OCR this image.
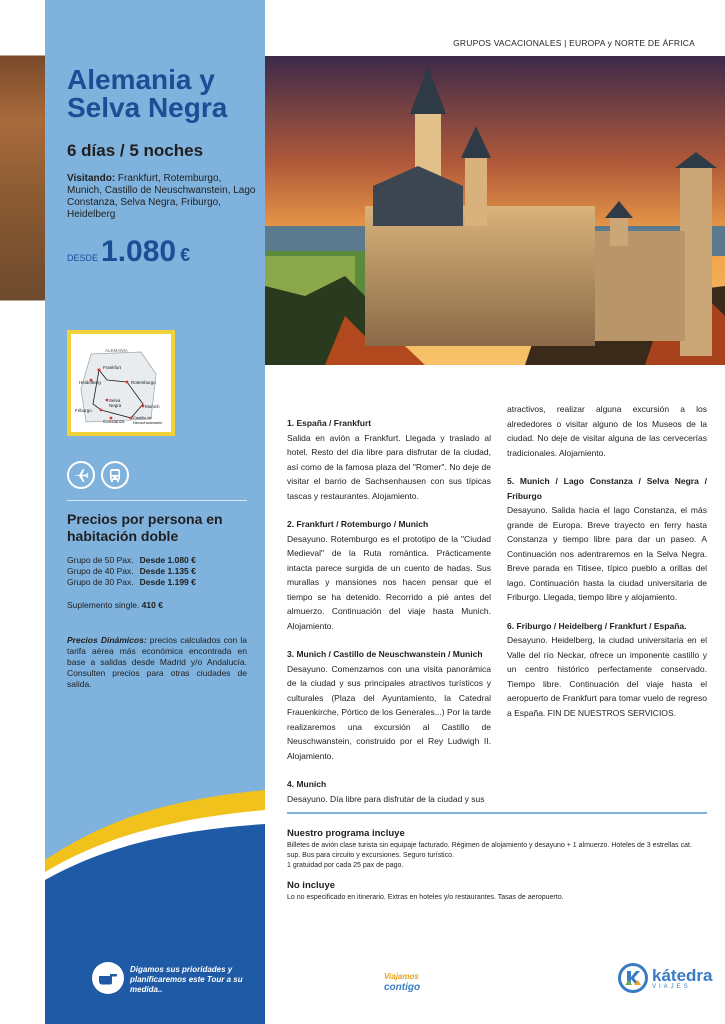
GRUPOS VACACIONALES | EUROPA y NORTE DE ÁFRICA
Alemania y Selva Negra
6 días / 5 noches
Visitando: Frankfurt, Rotemburgo, Munich, Castillo de Neuschwanstein, Lago Constanza, Selva Negra, Friburgo, Heidelberg
DESDE 1.080 €
ALEMANIA
Frankfurt
Heidelberg	Rotemburgo
Selva Negra
Friburgo
Munich
Constanza
Castillo de Neuschwanstein
Precios por persona en habitación doble
Grupo de 50 Pax. Desde 1.080 €
Grupo de 40 Pax. Desde 1.135 €
Grupo de 30 Pax. Desde 1.199 €
Suplemento single. 410 €
Precios Dinámicos: precios calculados con la tarifa aérea más económica encontrada en base a salidas desde Madrid y/o Andalucía. Consulten precios para otras ciudades de salida.
Digamos sus prioridades y planificaremos este Tour a su medida..
1. España / Frankfurt
Salida en avión a Frankfurt. Llegada y traslado al hotel. Resto del día libre para disfrutar de la ciudad, así como de la famosa plaza del "Romer". No deje de visitar el barrio de Sachsenhausen con sus típicas tascas y restaurantes. Alojamiento.
2. Frankfurt / Rotemburgo / Munich
Desayuno. Rotemburgo es el prototipo de la "Ciudad Medieval" de la Ruta romántica. Prácticamente intacta parece surgida de un cuento de hadas. Sus murallas y mansiones nos hacen pensar que el tiempo se ha detenido. Recorrido a pié antes del almuerzo. Continuación del viaje hasta Munich. Alojamiento.
3. Munich / Castillo de Neuschwanstein / Munich
Desayuno. Comenzamos con una visita panorámica de la ciudad y sus principales atractivos turísticos y culturales (Plaza del Ayuntamiento, la Catedral Frauenkirche, Pórtico de los Generales...) Por la tarde realizaremos una excursión al Castillo de Neuschwanstein, construido por el Rey Ludwigh II. Alojamiento.
4. Munich
Desayuno. Día libre para disfrutar de la ciudad y sus
atractivos, realizar alguna excursión a los alrededores o visitar alguno de los Museos de la ciudad. No deje de visitar alguna de las cervecerías tradicionales. Alojamiento.
5. Munich / Lago Constanza / Selva Negra / Friburgo
Desayuno. Salida hacia el lago Constanza, el más grande de Europa. Breve trayecto en ferry hasta Constanza y tiempo libre para dar un paseo. A Continuación nos adentraremos en la Selva Negra. Breve parada en Titisee, típico pueblo a orillas del lago. Continuación hasta la ciudad universitaria de Friburgo. Llegada, tiempo libre y alojamiento.
6. Friburgo / Heidelberg / Frankfurt / España.
Desayuno. Heidelberg, la ciudad universitaria en el Valle del río Neckar, ofrece un imponente castillo y un centro histórico perfectamente conservado. Tiempo libre. Continuación del viaje hasta el aeropuerto de Frankfurt para tomar vuelo de regreso a España. FIN DE NUESTROS SERVICIOS.
Nuestro programa incluye
Billetes de avión clase turista sin equipaje facturado. Régimen de alojamiento y desayuno + 1 almuerzo. Hoteles de 3 estrellas cat. sup. Bus para circuito y excursiones. Seguro turístico.
1 gratuidad por cada 25 pax de pago.
No incluye
Lo no especificado en itinerario. Extras en hoteles y/o restaurantes. Tasas de aeropuerto.
Viajamos
contigo
kátedra
VIAJES
